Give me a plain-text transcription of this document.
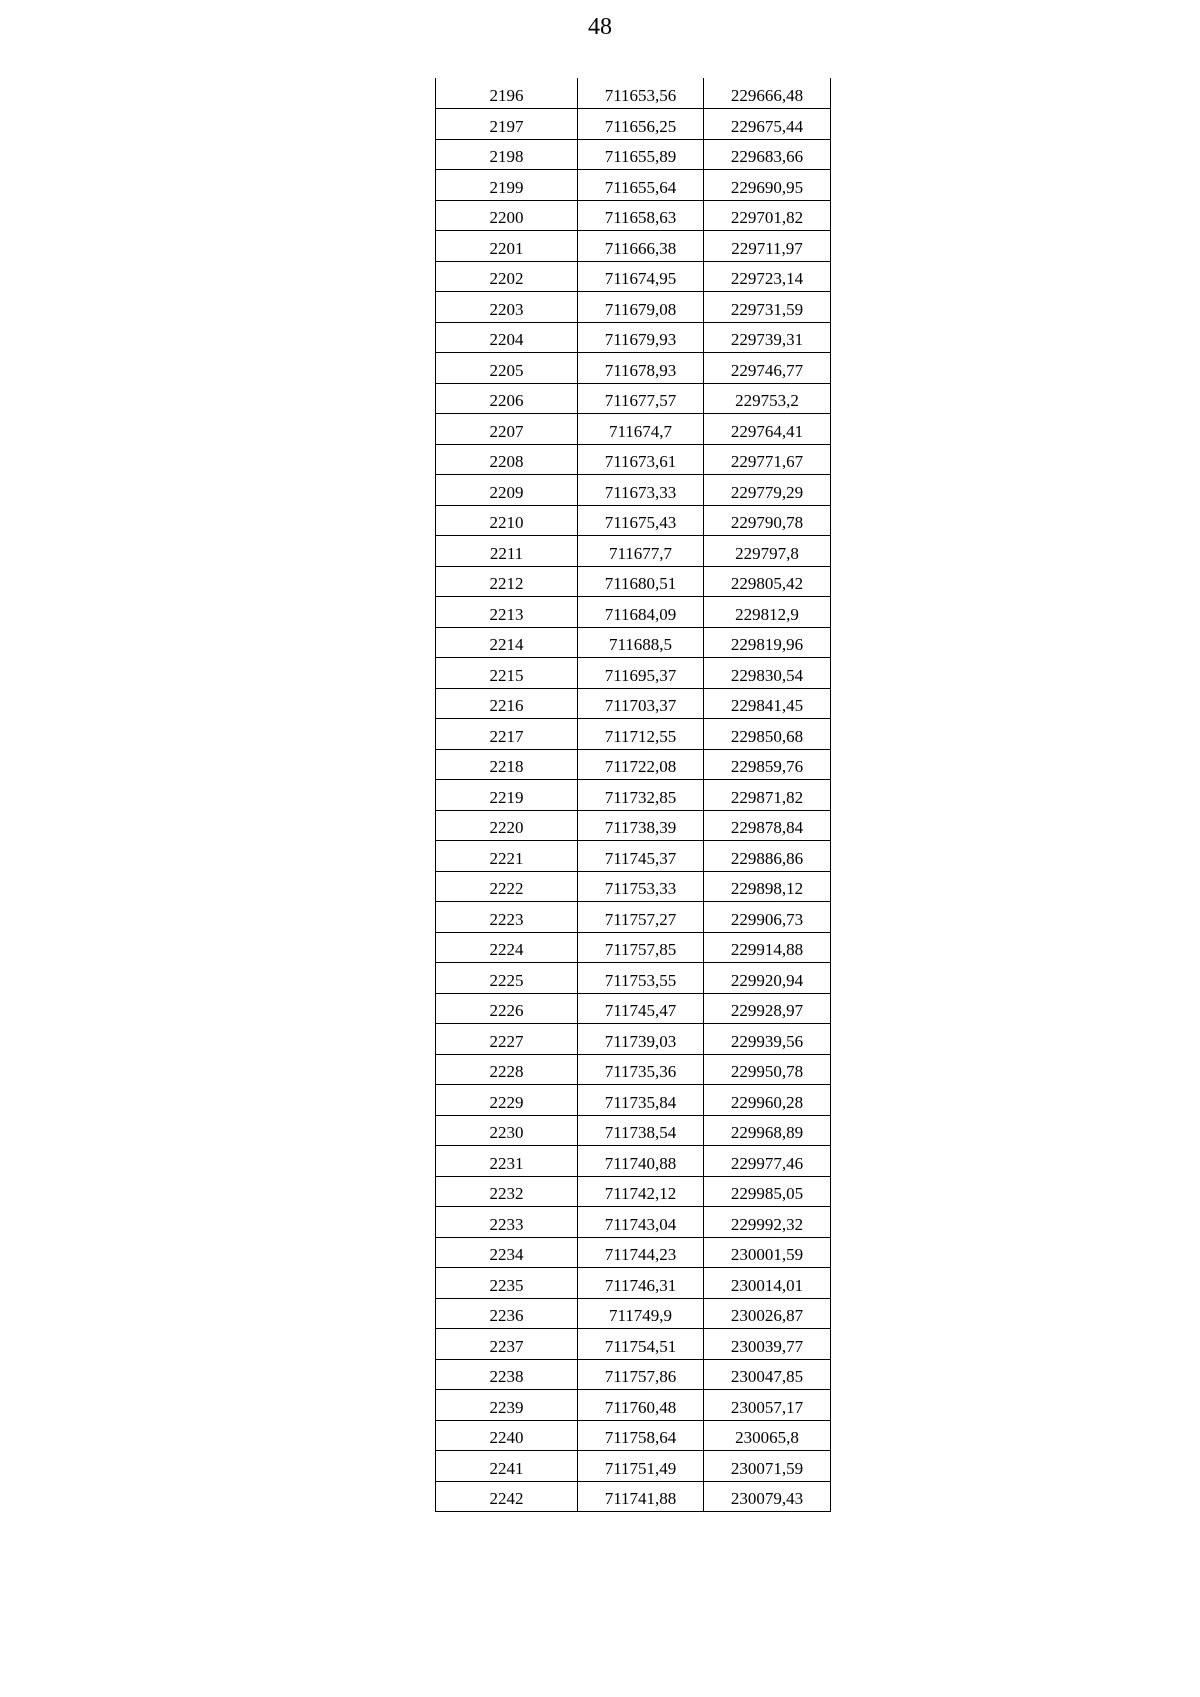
48
2196	711653,56	229666,48
2197	711656,25	229675,44
2198	711655,89	229683,66
2199	711655,64	229690,95
2200	711658,63	229701,82
2201	711666,38	229711,97
2202	711674,95	229723,14
2203	711679,08	229731,59
2204	711679,93	229739,31
2205	711678,93	229746,77
2206	711677,57	229753,2
2207	711674,7	229764,41
2208	711673,61	229771,67
2209	711673,33	229779,29
2210	711675,43	229790,78
2211	711677,7	229797,8
2212	711680,51	229805,42
2213	711684,09	229812,9
2214	711688,5	229819,96
2215	711695,37	229830,54
2216	711703,37	229841,45
2217	711712,55	229850,68
2218	711722,08	229859,76
2219	711732,85	229871,82
2220	711738,39	229878,84
2221	711745,37	229886,86
2222	711753,33	229898,12
2223	711757,27	229906,73
2224	711757,85	229914,88
2225	711753,55	229920,94
2226	711745,47	229928,97
2227	711739,03	229939,56
2228	711735,36	229950,78
2229	711735,84	229960,28
2230	711738,54	229968,89
2231	711740,88	229977,46
2232	711742,12	229985,05
2233	711743,04	229992,32
2234	711744,23	230001,59
2235	711746,31	230014,01
2236	711749,9	230026,87
2237	711754,51	230039,77
2238	711757,86	230047,85
2239	711760,48	230057,17
2240	711758,64	230065,8
2241	711751,49	230071,59
2242	711741,88	230079,43
